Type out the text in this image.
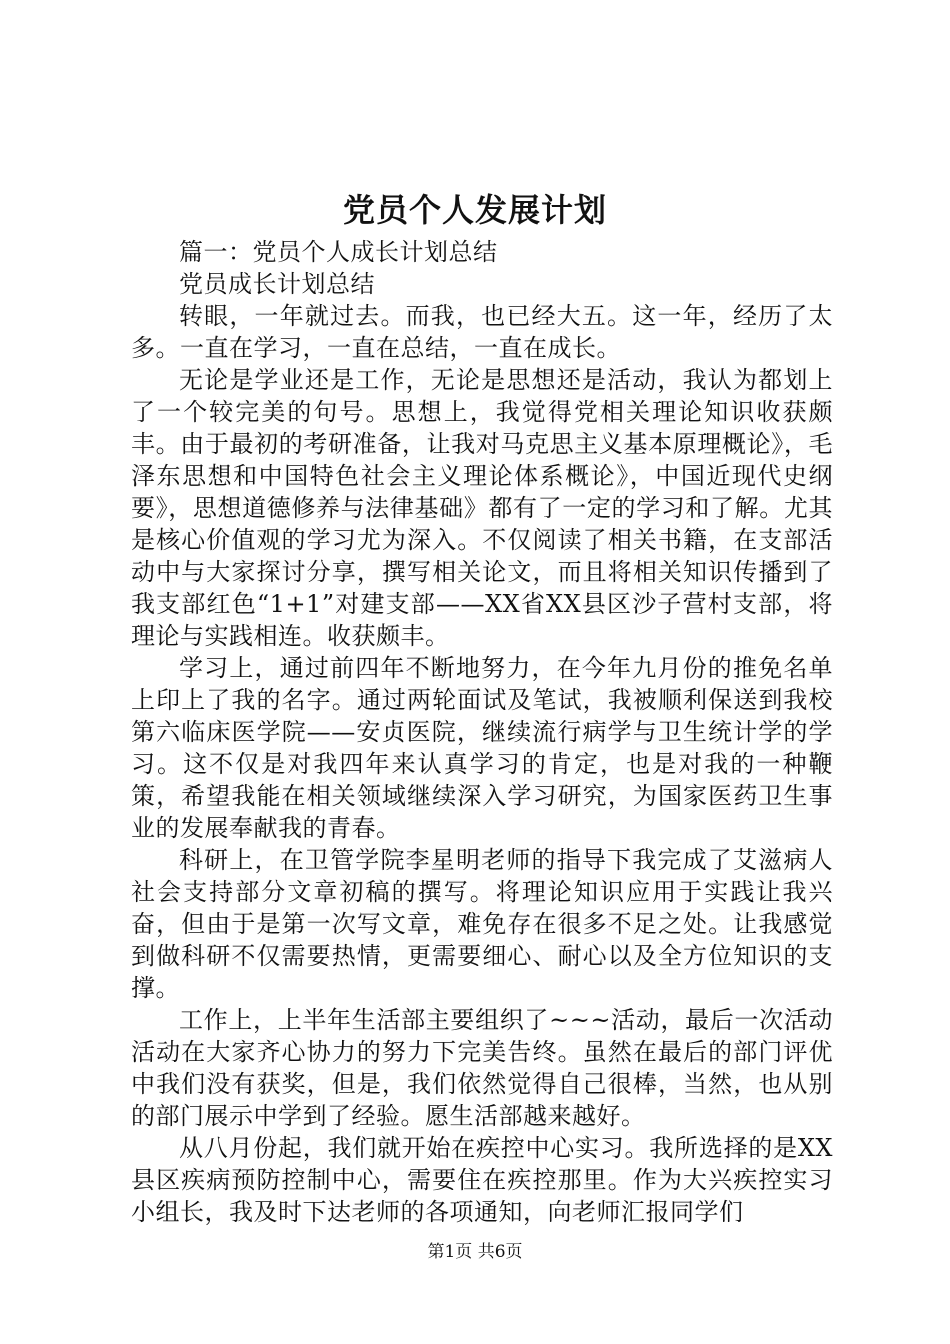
党员个人发展计划

篇一：党员个人成长计划总结

党员成长计划总结

转眼，一年就过去。而我，也已经大五。这一年，经历了太多。一直在学习，一直在总结，一直在成长。

无论是学业还是工作，无论是思想还是活动，我认为都划上了一个较完美的句号。思想上，我觉得党相关理论知识收获颇丰。由于最初的考研准备，让我对马克思主义基本原理概论》，毛泽东思想和中国特色社会主义理论体系概论》，中国近现代史纲要》，思想道德修养与法律基础》都有了一定的学习和了解。尤其是核心价值观的学习尤为深入。不仅阅读了相关书籍，在支部活动中与大家探讨分享，撰写相关论文，而且将相关知识传播到了我支部红色“1+1”对建支部——XX省XX县区沙子营村支部，将理论与实践相连。收获颇丰。

学习上，通过前四年不断地努力，在今年九月份的推免名单上印上了我的名字。通过两轮面试及笔试，我被顺利保送到我校第六临床医学院——安贞医院，继续流行病学与卫生统计学的学习。这不仅是对我四年来认真学习的肯定，也是对我的一种鞭策，希望我能在相关领域继续深入学习研究，为国家医药卫生事业的发展奉献我的青春。

科研上，在卫管学院李星明老师的指导下我完成了艾滋病人社会支持部分文章初稿的撰写。将理论知识应用于实践让我兴奋，但由于是第一次写文章，难免存在很多不足之处。让我感觉到做科研不仅需要热情，更需要细心、耐心以及全方位知识的支撑。

工作上，上半年生活部主要组织了~~~活动，最后一次活动活动在大家齐心协力的努力下完美告终。虽然在最后的部门评优中我们没有获奖，但是，我们依然觉得自己很棒，当然，也从别的部门展示中学到了经验。愿生活部越来越好。

从八月份起，我们就开始在疾控中心实习。我所选择的是XX县区疾病预防控制中心，需要住在疾控那里。作为大兴疾控实习小组长，我及时下达老师的各项通知，向老师汇报同学们

第1页 共6页
